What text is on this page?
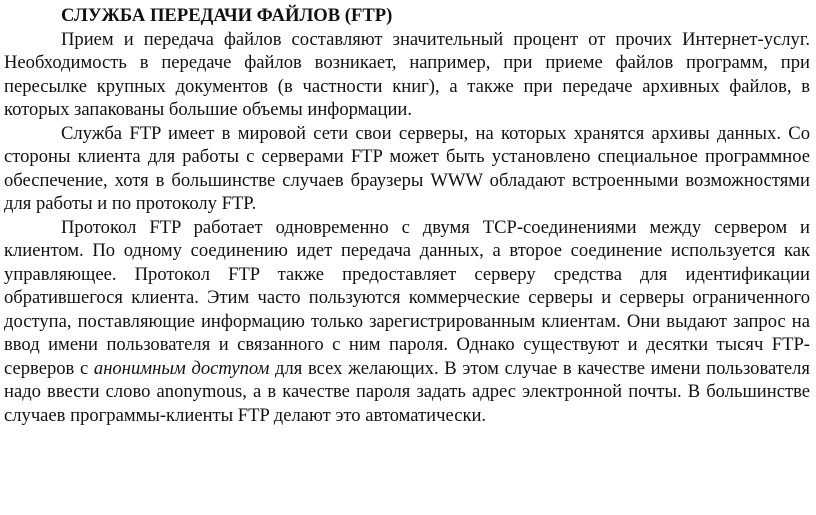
СЛУЖБА ПЕРЕДАЧИ ФАЙЛОВ (FTP)

Прием и передача файлов составляют значительный процент от прочих Интернет-услуг. Необходимость в передаче файлов возникает, например, при приеме файлов программ, при пересылке крупных документов (в частности книг), а также при передаче архивных файлов, в которых запакованы большие объемы информации.

Служба FTP имеет в мировой сети свои серверы, на которых хранятся архивы данных. Со стороны клиента для работы с серверами FTP может быть установлено специальное программное обеспечение, хотя в большинстве случаев браузеры WWW обладают встроенными возможностями для работы и по протоколу FTP.

Протокол FTP работает одновременно с двумя TCP-соединениями между сервером и клиентом. По одному соединению идет передача данных, а второе соединение используется как управляющее. Протокол FTP также предоставляет серверу средства для идентификации обратившегося клиента. Этим часто пользуются коммерческие серверы и серверы ограниченного доступа, поставляющие информацию только зарегистрированным клиентам. Они выдают запрос на ввод имени пользователя и связанного с ним пароля. Однако существуют и десятки тысяч FTP-серверов с анонимным доступом для всех желающих. В этом случае в качестве имени пользователя надо ввести слово anonymous, а в качестве пароля задать адрес электронной почты. В большинстве случаев программы-клиенты FTP делают это автоматически.
